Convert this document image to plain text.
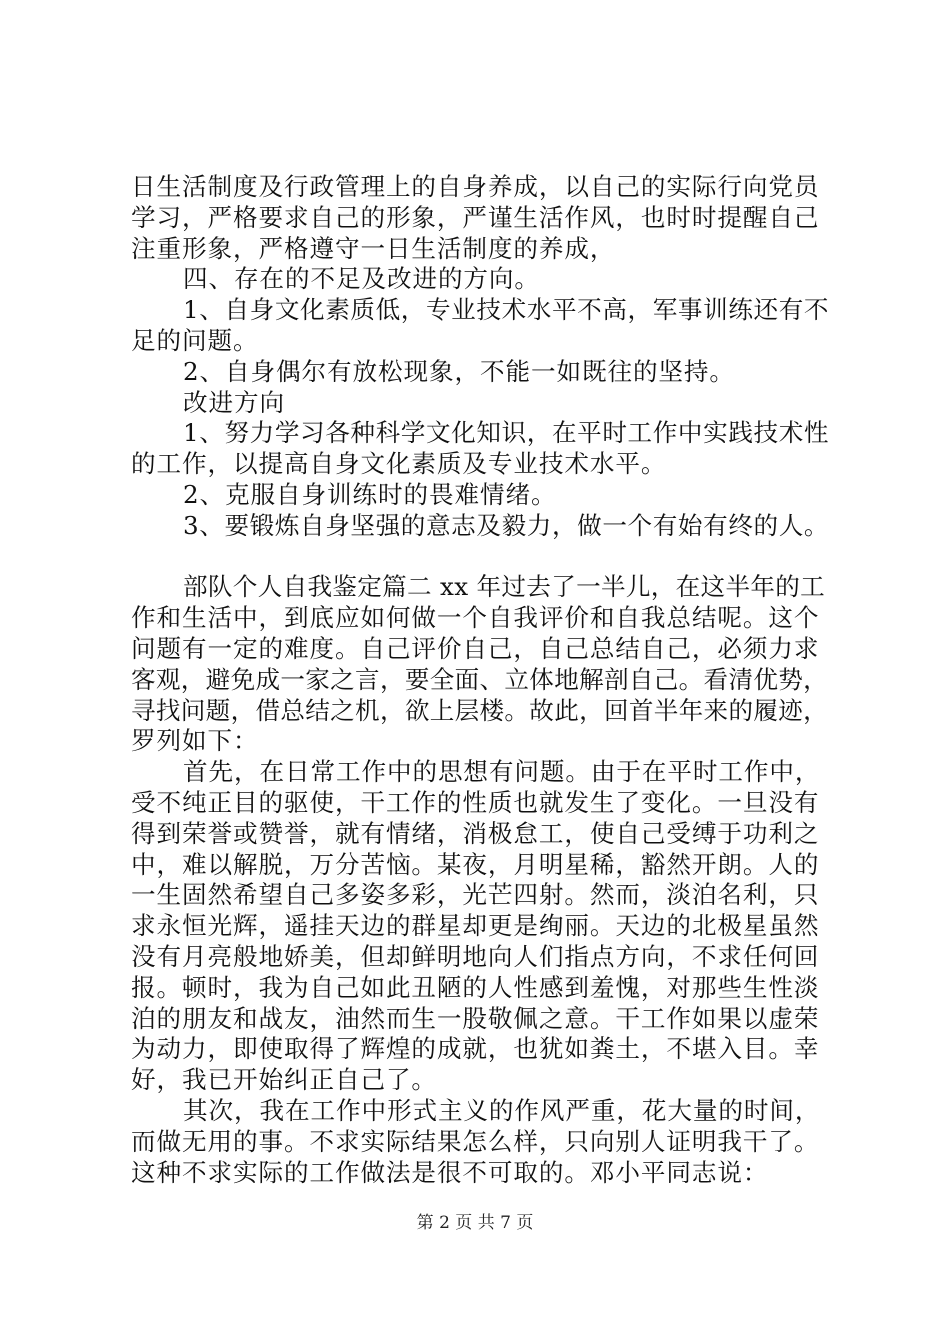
日生活制度及行政管理上的自身养成，以自己的实际行向党员
学习，严格要求自己的形象，严谨生活作风，也时时提醒自己
注重形象，严格遵守一日生活制度的养成，
四、存在的不足及改进的方向。
1、自身文化素质低，专业技术水平不高，军事训练还有不
足的问题。
2、自身偶尔有放松现象，不能一如既往的坚持。
改进方向
1、努力学习各种科学文化知识，在平时工作中实践技术性
的工作，以提高自身文化素质及专业技术水平。
2、克服自身训练时的畏难情绪。
3、要锻炼自身坚强的意志及毅力，做一个有始有终的人。
部队个人自我鉴定篇二 xx 年过去了一半儿，在这半年的工
作和生活中，到底应如何做一个自我评价和自我总结呢。这个
问题有一定的难度。自己评价自己，自己总结自己，必须力求
客观，避免成一家之言，要全面、立体地解剖自己。看清优势，
寻找问题，借总结之机，欲上层楼。故此，回首半年来的履迹，
罗列如下：
首先，在日常工作中的思想有问题。由于在平时工作中，
受不纯正目的驱使，干工作的性质也就发生了变化。一旦没有
得到荣誉或赞誉，就有情绪，消极怠工，使自己受缚于功利之
中，难以解脱，万分苦恼。某夜，月明星稀，豁然开朗。人的
一生固然希望自己多姿多彩，光芒四射。然而，淡泊名利，只
求永恒光辉，遥挂天边的群星却更是绚丽。天边的北极星虽然
没有月亮般地娇美，但却鲜明地向人们指点方向，不求任何回
报。顿时，我为自己如此丑陋的人性感到羞愧，对那些生性淡
泊的朋友和战友，油然而生一股敬佩之意。干工作如果以虚荣
为动力，即使取得了辉煌的成就，也犹如粪土，不堪入目。幸
好，我已开始纠正自己了。
其次，我在工作中形式主义的作风严重，花大量的时间，
而做无用的事。不求实际结果怎么样，只向别人证明我干了。
这种不求实际的工作做法是很不可取的。邓小平同志说：
第 2 页 共 7 页
